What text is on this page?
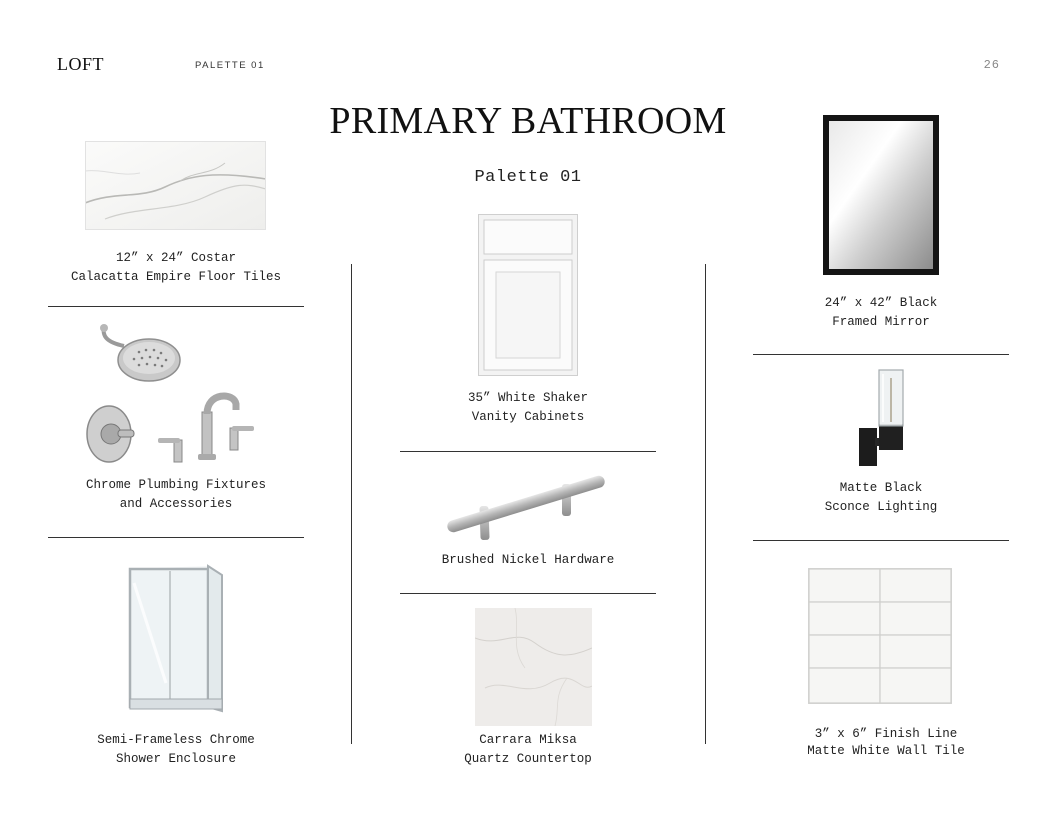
LOFT	PALETTE 01	26
PRIMARY BATHROOM
Palette 01
12” x 24” Costar
Calacatta Empire Floor Tiles
Chrome Plumbing Fixtures
and Accessories
Semi-Frameless Chrome
Shower Enclosure
35” White Shaker
Vanity Cabinets
Brushed Nickel Hardware
Carrara Miksa
Quartz Countertop
24” x 42” Black
Framed Mirror
Matte Black
Sconce Lighting
3” x 6” Finish Line
Matte White Wall Tile
